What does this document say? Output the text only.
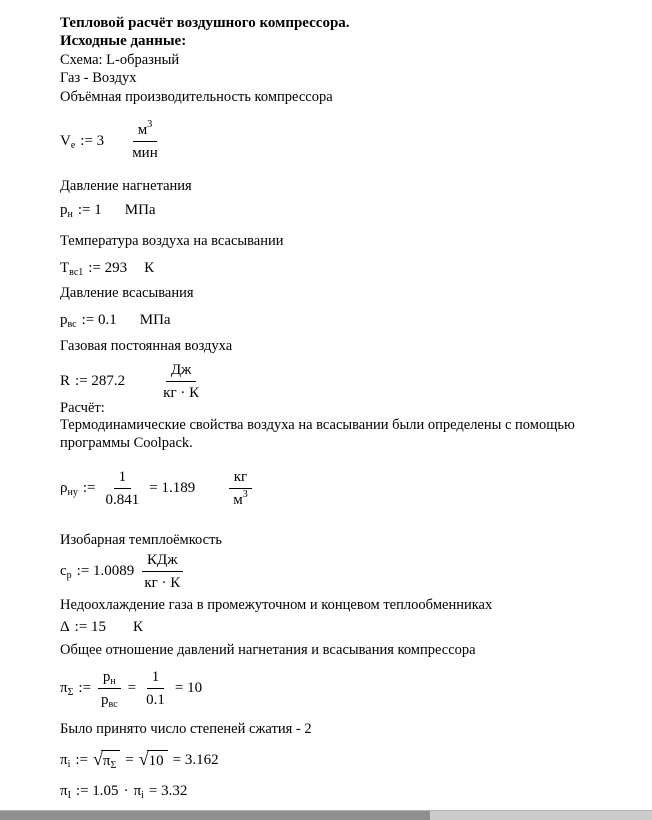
Тепловой расчёт воздушного компрессора.
Исходные данные:
Схема: L-образный
Газ - Воздух
Объёмная производительность компрессора
$V_e$ := $3 \frac{м^3}{\text{мин}}$
Давление нагнетания
$p_н$ := 1 МПа
Температура воздуха на всасывании
$T_{вс1}$ := 293 К
Давление всасывания
$p_{вс}$ := 0.1 МПа
Газовая постоянная воздуха
R := $287.2 \frac{Дж}{кг \cdot К}$
Расчёт:
Термодинамические свойства воздуха на всасывании были определены с помощью
программы Coolpack.
$\rho_{ну}$ := $\frac{1}{0.841} = 1.189 \frac{кг}{м^3}$
Изобарная темплоёмкость
$c_p$ := $1.0089 \frac{\text{КДж}}{кг \cdot К}$
Недоохлаждение газа в промежуточном и концевом теплообменниках
Δ := 15 К
Общее отношение давлений нагнетания и всасывания компрессора
$\pi_\Sigma$ := $\frac{p_н}{p_{вс}} = \frac{1}{0.1} = 10$
Было принято число степеней сжатия - 2
$\pi_i$ := √ $\pi_\Sigma$ = √ 10 = 3.162
$\pi_I$ := $1.05 \cdot \pi_i = 3.32$
